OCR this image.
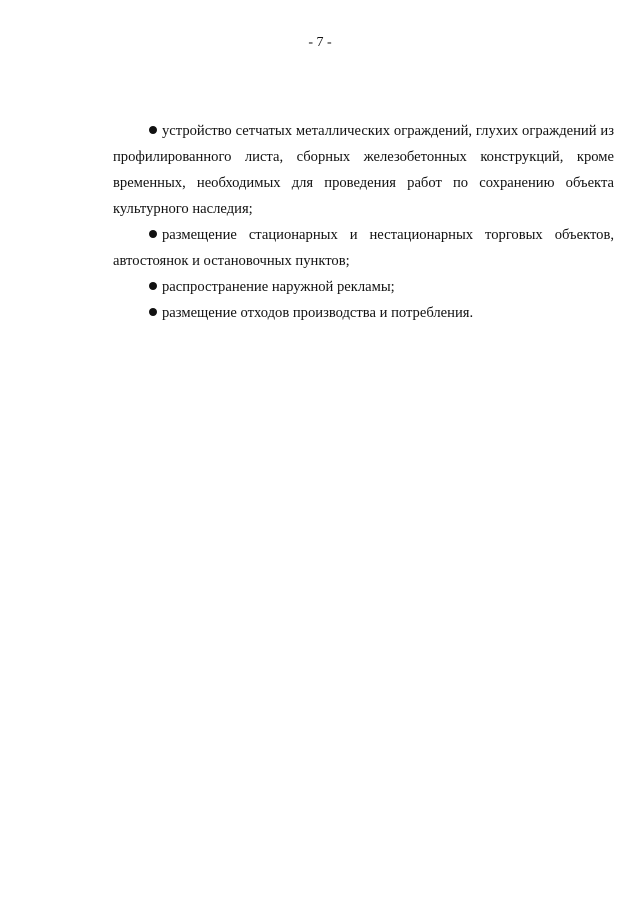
- 7 -

устройство сетчатых металлических ограждений, глухих ограждений из профилированного листа, сборных железобетонных конструкций, кроме временных, необходимых для проведения работ по сохранению объекта культурного наследия;

размещение стационарных и нестационарных торговых объектов, автостоянок и остановочных пунктов;

распространение наружной рекламы;

размещение отходов производства и потребления.
